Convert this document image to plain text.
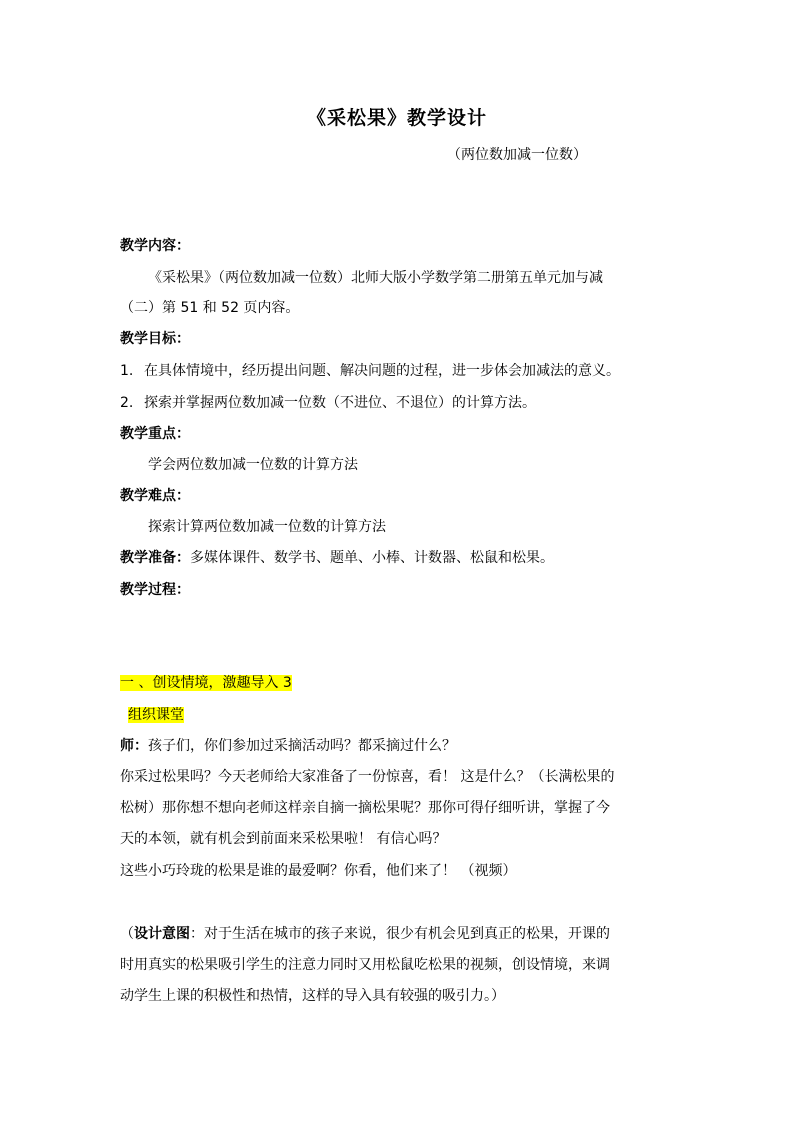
《采松果》教学设计
（两位数加减一位数）
教学内容：
《采松果》（两位数加减一位数）北师大版小学数学第二册第五单元加与减
（二）第 51 和 52 页内容。
教学目标：
1. 在具体情境中，经历提出问题、解决问题的过程，进一步体会加减法的意义。
2. 探索并掌握两位数加减一位数（不进位、不退位）的计算方法。
教学重点：
学会两位数加减一位数的计算方法
教学难点：
探索计算两位数加减一位数的计算方法
教学准备：多媒体课件、数学书、题单、小棒、计数器、松鼠和松果。
教学过程：
一 、创设情境，激趣导入 3
组织课堂
师：孩子们，你们参加过采摘活动吗？都采摘过什么？
你采过松果吗？今天老师给大家准备了一份惊喜，看！ 这是什么？（长满松果的
松树）那你想不想向老师这样亲自摘一摘松果呢？那你可得仔细听讲，掌握了今
天的本领，就有机会到前面来采松果啦！ 有信心吗？
这些小巧玲珑的松果是谁的最爱啊？你看，他们来了！ （视频）
（设计意图：对于生活在城市的孩子来说，很少有机会见到真正的松果，开课的
时用真实的松果吸引学生的注意力同时又用松鼠吃松果的视频，创设情境，来调
动学生上课的积极性和热情，这样的导入具有较强的吸引力。）
